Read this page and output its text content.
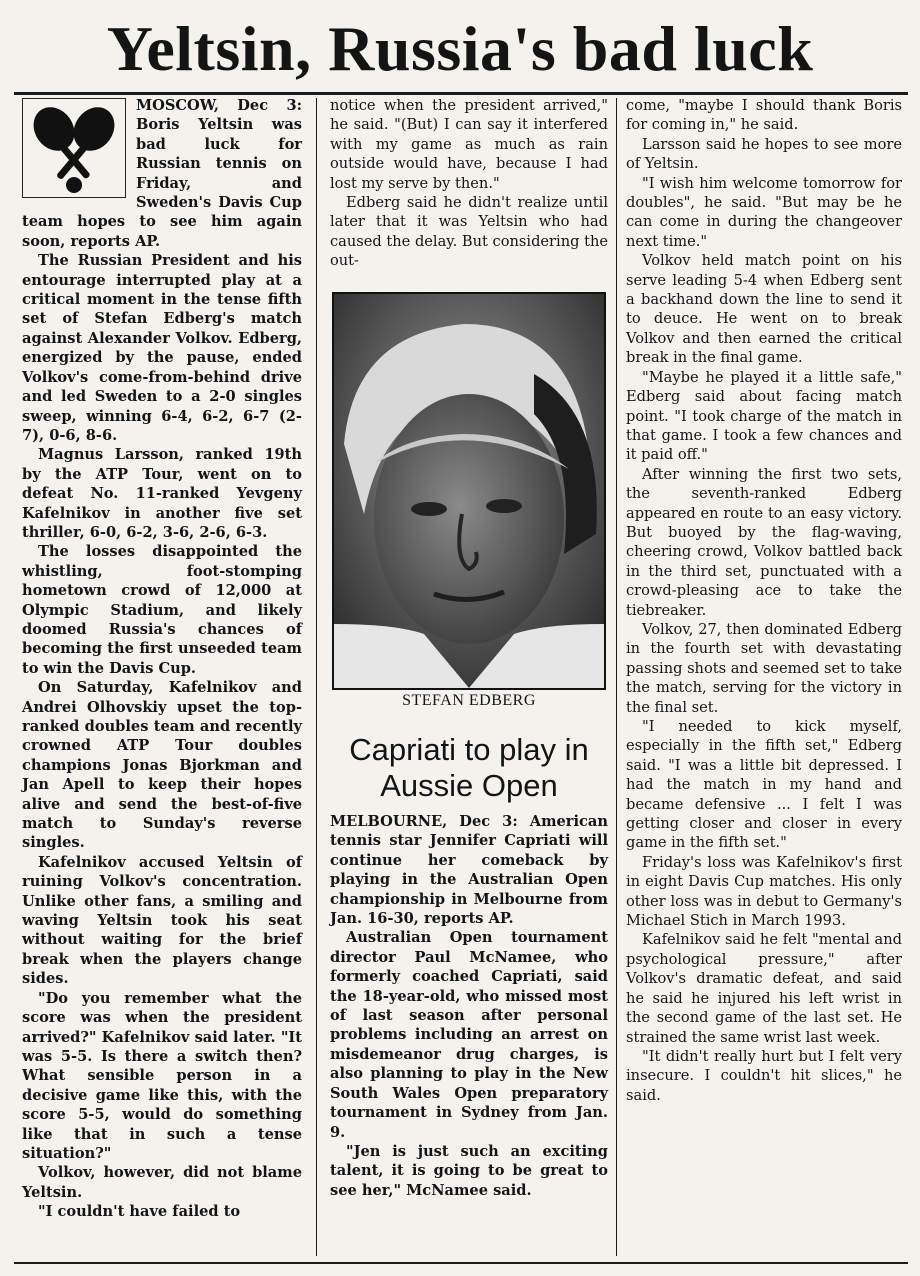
Yeltsin, Russia's bad luck

MOSCOW, Dec 3: Boris Yeltsin was bad luck for Russian tennis on Friday, and Sweden's Davis Cup team hopes to see him again soon, reports AP.

The Russian President and his entourage interrupted play at a critical moment in the tense fifth set of Stefan Edberg's match against Alexander Volkov. Edberg, energized by the pause, ended Volkov's come-from-behind drive and led Sweden to a 2-0 singles sweep, winning 6-4, 6-2, 6-7 (2-7), 0-6, 8-6.

Magnus Larsson, ranked 19th by the ATP Tour, went on to defeat No. 11-ranked Yevgeny Kafelnikov in another five set thriller, 6-0, 6-2, 3-6, 2-6, 6-3.

The losses disappointed the whistling, foot-stomping hometown crowd of 12,000 at Olympic Stadium, and likely doomed Russia's chances of becoming the first unseeded team to win the Davis Cup.

On Saturday, Kafelnikov and Andrei Olhovskiy upset the top-ranked doubles team and recently crowned ATP Tour doubles champions Jonas Bjorkman and Jan Apell to keep their hopes alive and send the best-of-five match to Sunday's reverse singles.

Kafelnikov accused Yeltsin of ruining Volkov's concentration. Unlike other fans, a smiling and waving Yeltsin took his seat without waiting for the brief break when the players change sides.

"Do you remember what the score was when the president arrived?" Kafelnikov said later. "It was 5-5. Is there a switch then? What sensible person in a decisive game like this, with the score 5-5, would do something like that in such a tense situation?"

Volkov, however, did not blame Yeltsin.

"I couldn't have failed to

notice when the president arrived," he said. "(But) I can say it interfered with my game as much as rain outside would have, because I had lost my serve by then."

Edberg said he didn't realize until later that it was Yeltsin who had caused the delay. But considering the out-

STEFAN EDBERG
Capriati to play in Aussie Open

MELBOURNE, Dec 3: American tennis star Jennifer Capriati will continue her comeback by playing in the Australian Open championship in Melbourne from Jan. 16-30, reports AP.

Australian Open tournament director Paul McNamee, who formerly coached Capriati, said the 18-year-old, who missed most of last season after personal problems including an arrest on misdemeanor drug charges, is also planning to play in the New South Wales Open preparatory tournament in Sydney from Jan. 9.

"Jen is just such an exciting talent, it is going to be great to see her," McNamee said.

come, "maybe I should thank Boris for coming in," he said.

Larsson said he hopes to see more of Yeltsin.

"I wish him welcome tomorrow for doubles", he said. "But may be he can come in during the changeover next time."

Volkov held match point on his serve leading 5-4 when Edberg sent a backhand down the line to send it to deuce. He went on to break Volkov and then earned the critical break in the final game.

"Maybe he played it a little safe," Edberg said about facing match point. "I took charge of the match in that game. I took a few chances and it paid off."

After winning the first two sets, the seventh-ranked Edberg appeared en route to an easy victory. But buoyed by the flag-waving, cheering crowd, Volkov battled back in the third set, punctuated with a crowd-pleasing ace to take the tiebreaker.

Volkov, 27, then dominated Edberg in the fourth set with devastating passing shots and seemed set to take the match, serving for the victory in the final set.

"I needed to kick myself, especially in the fifth set," Edberg said. "I was a little bit depressed. I had the match in my hand and became defensive ... I felt I was getting closer and closer in every game in the fifth set."

Friday's loss was Kafelnikov's first in eight Davis Cup matches. His only other loss was in debut to Germany's Michael Stich in March 1993.

Kafelnikov said he felt "mental and psychological pressure," after Volkov's dramatic defeat, and said he said he injured his left wrist in the second game of the last set. He strained the same wrist last week.

"It didn't really hurt but I felt very insecure. I couldn't hit slices," he said.
